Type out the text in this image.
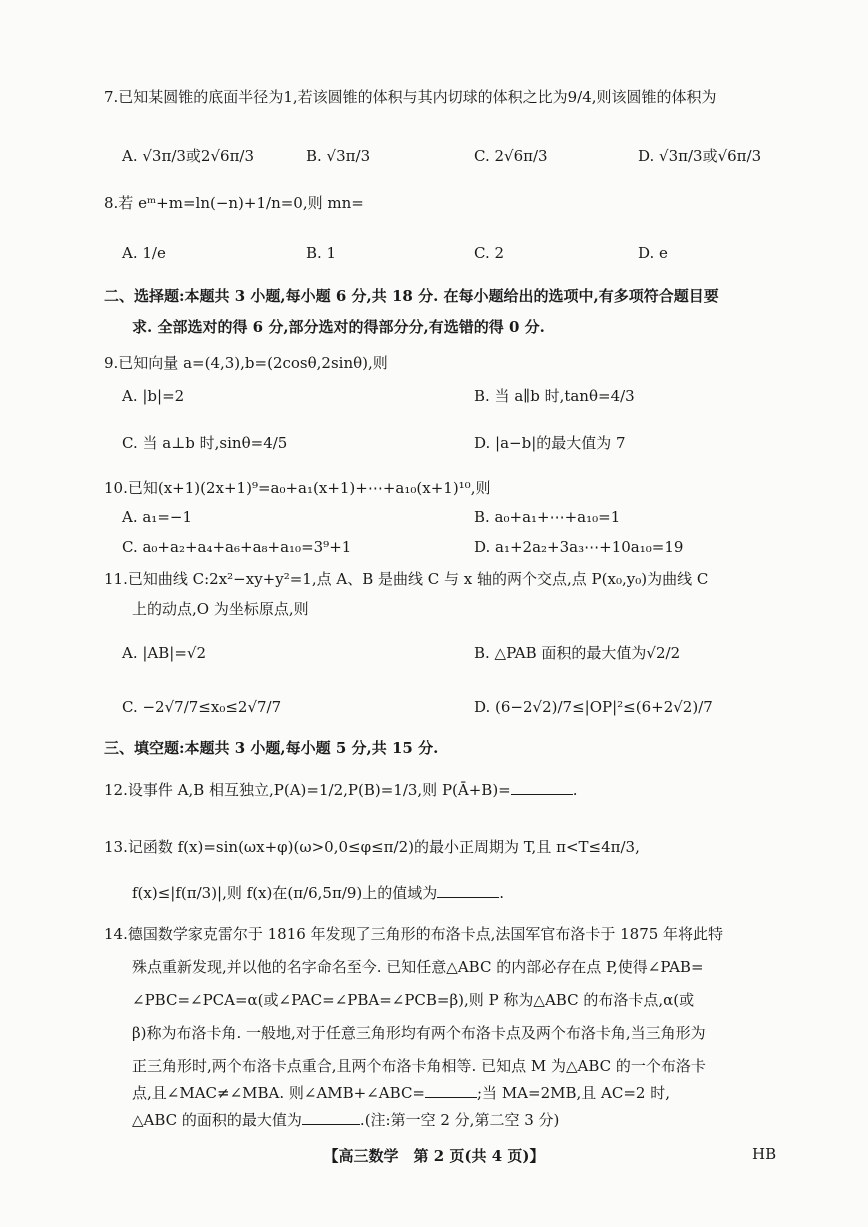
7.已知某圆锥的底面半径为1,若该圆锥的体积与其内切球的体积之比为9/4,则该圆锥的体积为
A. √3π/3或2√6π/3	B. √3π/3	C. 2√6π/3	D. √3π/3或√6π/3
8.若 eᵐ+m=ln(−n)+1/n=0,则 mn=
A. 1/e	B. 1	C. 2	D. e
二、选择题:本题共 3 小题,每小题 6 分,共 18 分. 在每小题给出的选项中,有多项符合题目要
求. 全部选对的得 6 分,部分选对的得部分分,有选错的得 0 分.
9.已知向量 a=(4,3),b=(2cosθ,2sinθ),则
A. |b|=2	B. 当 a∥b 时,tanθ=4/3
C. 当 a⊥b 时,sinθ=4/5	D. |a−b|的最大值为 7
10.已知(x+1)(2x+1)⁹=a₀+a₁(x+1)+⋯+a₁₀(x+1)¹⁰,则
A. a₁=−1	B. a₀+a₁+⋯+a₁₀=1
C. a₀+a₂+a₄+a₆+a₈+a₁₀=3⁹+1	D. a₁+2a₂+3a₃⋯+10a₁₀=19
11.已知曲线 C:2x²−xy+y²=1,点 A、B 是曲线 C 与 x 轴的两个交点,点 P(x₀,y₀)为曲线 C
上的动点,O 为坐标原点,则
A. |AB|=√2	B. △PAB 面积的最大值为√2/2
C. −2√7/7≤x₀≤2√7/7	D. (6−2√2)/7≤|OP|²≤(6+2√2)/7
三、填空题:本题共 3 小题,每小题 5 分,共 15 分.
12.设事件 A,B 相互独立,P(A)=1/2,P(B)=1/3,则 P(Ā+B)=	.
13.记函数 f(x)=sin(ωx+φ)(ω>0,0≤φ≤π/2)的最小正周期为 T,且 π<T≤4π/3,
f(x)≤|f(π/3)|,则 f(x)在(π/6,5π/9)上的值域为	.
14.德国数学家克雷尔于 1816 年发现了三角形的布洛卡点,法国军官布洛卡于 1875 年将此特
殊点重新发现,并以他的名字命名至今. 已知任意△ABC 的内部必存在点 P,使得∠PAB=
∠PBC=∠PCA=α(或∠PAC=∠PBA=∠PCB=β),则 P 称为△ABC 的布洛卡点,α(或
β)称为布洛卡角. 一般地,对于任意三角形均有两个布洛卡点及两个布洛卡角,当三角形为
正三角形时,两个布洛卡点重合,且两个布洛卡角相等. 已知点 M 为△ABC 的一个布洛卡
点,且∠MAC≠∠MBA. 则∠AMB+∠ABC=	;当 MA=2MB,且 AC=2 时,
△ABC 的面积的最大值为	.(注:第一空 2 分,第二空 3 分)
【高三数学　第 2 页(共 4 页)】	HB
